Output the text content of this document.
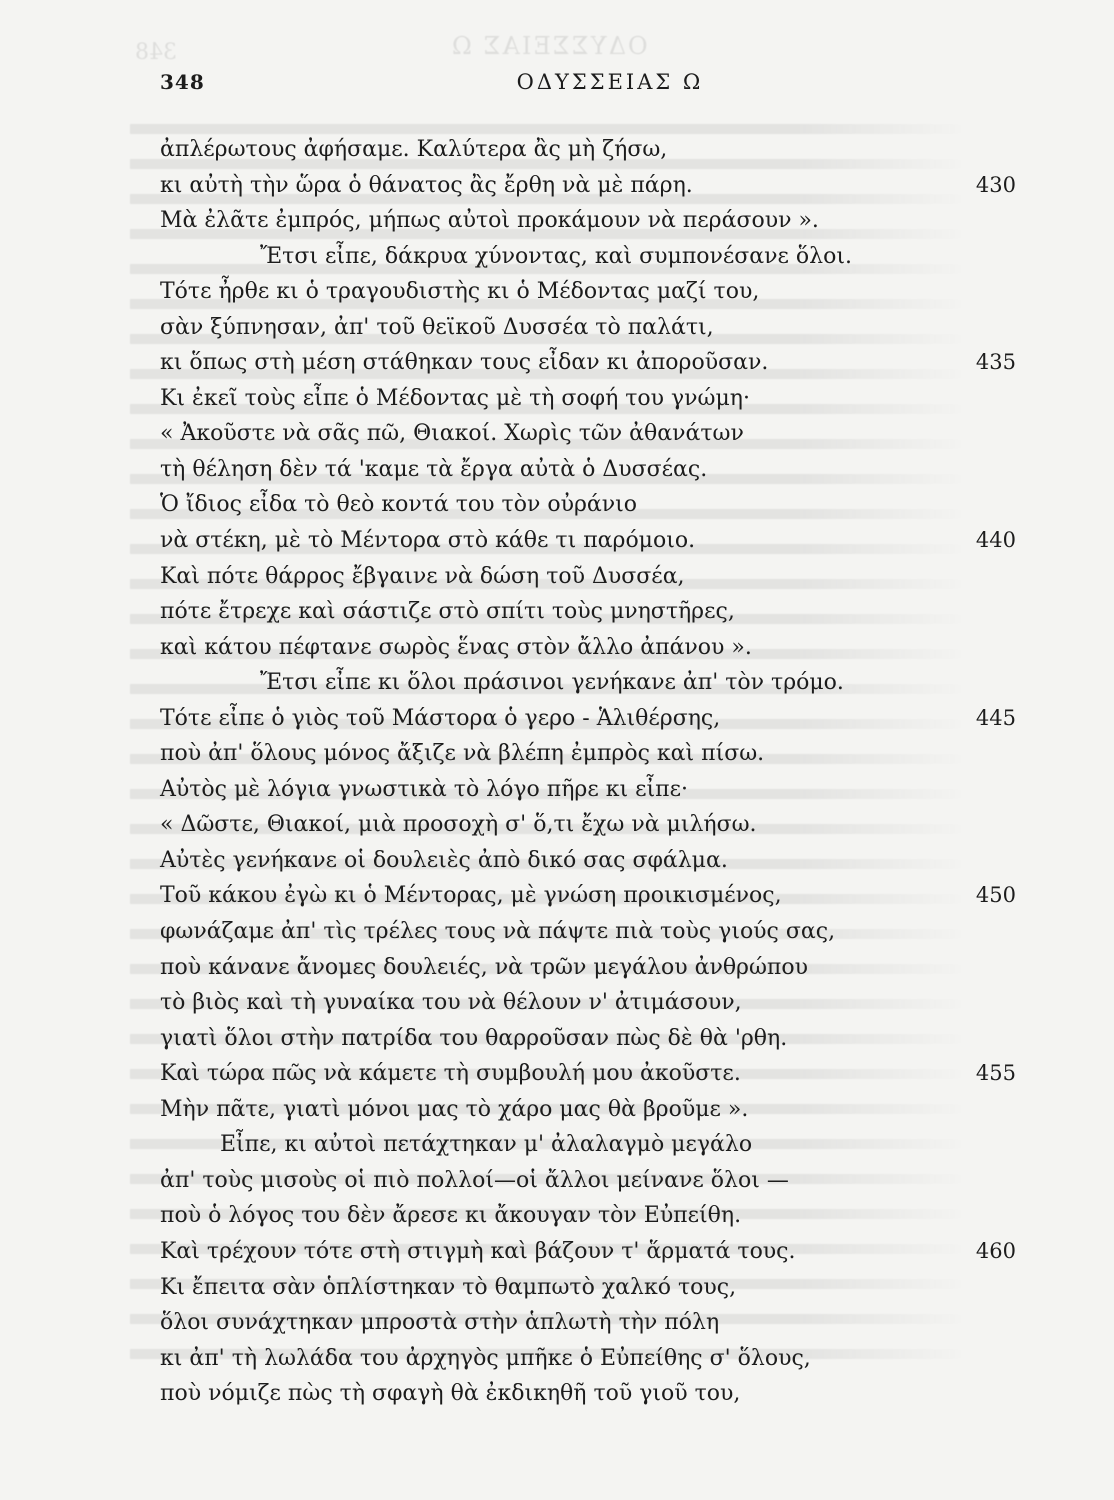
348	ΟΔΥΣΣΕΙΑΣ Ω
348	ΟΔΥΣΣΕΙΑΣ Ω
ἀπλέρωτους ἀφήσαμε. Καλύτερα ἂς μὴ ζήσω,
κι αὐτὴ τὴν ὥρα ὁ θάνατος ἂς ἔρθη νὰ μὲ πάρη.	430
Μὰ ἐλᾶτε ἐμπρός, μήπως αὐτοὶ προκάμουν νὰ περάσουν ».
Ἔτσι εἶπε, δάκρυα χύνοντας, καὶ συμπονέσανε ὅλοι.
Τότε ἦρθε κι ὁ τραγουδιστὴς κι ὁ Μέδοντας μαζί του,
σὰν ξύπνησαν, ἀπ' τοῦ θεϊκοῦ Δυσσέα τὸ παλάτι,
κι ὅπως στὴ μέση στάθηκαν τους εἶδαν κι ἀποροῦσαν.	435
Κι ἐκεῖ τοὺς εἶπε ὁ Μέδοντας μὲ τὴ σοφή του γνώμη·
« Ἀκοῦστε νὰ σᾶς πῶ, Θιακοί. Χωρὶς τῶν ἀθανάτων
τὴ θέληση δὲν τά 'καμε τὰ ἔργα αὐτὰ ὁ Δυσσέας.
Ὁ ἴδιος εἶδα τὸ θεὸ κοντά του τὸν οὐράνιο
νὰ στέκη, μὲ τὸ Μέντορα στὸ κάθε τι παρόμοιο.	440
Καὶ πότε θάρρος ἔβγαινε νὰ δώση τοῦ Δυσσέα,
πότε ἔτρεχε καὶ σάστιζε στὸ σπίτι τοὺς μνηστῆρες,
καὶ κάτου πέφτανε σωρὸς ἕνας στὸν ἄλλο ἀπάνου ».
Ἔτσι εἶπε κι ὅλοι πράσινοι γενήκανε ἀπ' τὸν τρόμο.
Τότε εἶπε ὁ γιὸς τοῦ Μάστορα ὁ γερο - Ἁλιθέρσης,	445
ποὺ ἀπ' ὅλους μόνος ἄξιζε νὰ βλέπη ἐμπρὸς καὶ πίσω.
Αὐτὸς μὲ λόγια γνωστικὰ τὸ λόγο πῆρε κι εἶπε·
« Δῶστε, Θιακοί, μιὰ προσοχὴ σ' ὅ,τι ἔχω νὰ μιλήσω.
Αὐτὲς γενήκανε οἱ δουλειὲς ἀπὸ δικό σας σφάλμα.
Τοῦ κάκου ἐγὼ κι ὁ Μέντορας, μὲ γνώση προικισμένος,	450
φωνάζαμε ἀπ' τὶς τρέλες τους νὰ πάψτε πιὰ τοὺς γιούς σας,
ποὺ κάνανε ἄνομες δουλειές, νὰ τρῶν μεγάλου ἀνθρώπου
τὸ βιὸς καὶ τὴ γυναίκα του νὰ θέλουν ν' ἀτιμάσουν,
γιατὶ ὅλοι στὴν πατρίδα του θαρροῦσαν πὼς δὲ θὰ 'ρθη.
Καὶ τώρα πῶς νὰ κάμετε τὴ συμβουλή μου ἀκοῦστε.	455
Μὴν πᾶτε, γιατὶ μόνοι μας τὸ χάρο μας θὰ βροῦμε ».
Εἶπε, κι αὐτοὶ πετάχτηκαν μ' ἀλαλαγμὸ μεγάλο
ἀπ' τοὺς μισοὺς οἱ πιὸ πολλοί—οἱ ἄλλοι μείνανε ὅλοι —
ποὺ ὁ λόγος του δὲν ἄρεσε κι ἄκουγαν τὸν Εὐπείθη.
Καὶ τρέχουν τότε στὴ στιγμὴ καὶ βάζουν τ' ἅρματά τους.	460
Κι ἔπειτα σὰν ὁπλίστηκαν τὸ θαμπωτὸ χαλκό τους,
ὅλοι συνάχτηκαν μπροστὰ στὴν ἁπλωτὴ τὴν πόλη
κι ἀπ' τὴ λωλάδα του ἀρχηγὸς μπῆκε ὁ Εὐπείθης σ' ὅλους,
ποὺ νόμιζε πὼς τὴ σφαγὴ θὰ ἐκδικηθῆ τοῦ γιοῦ του,
